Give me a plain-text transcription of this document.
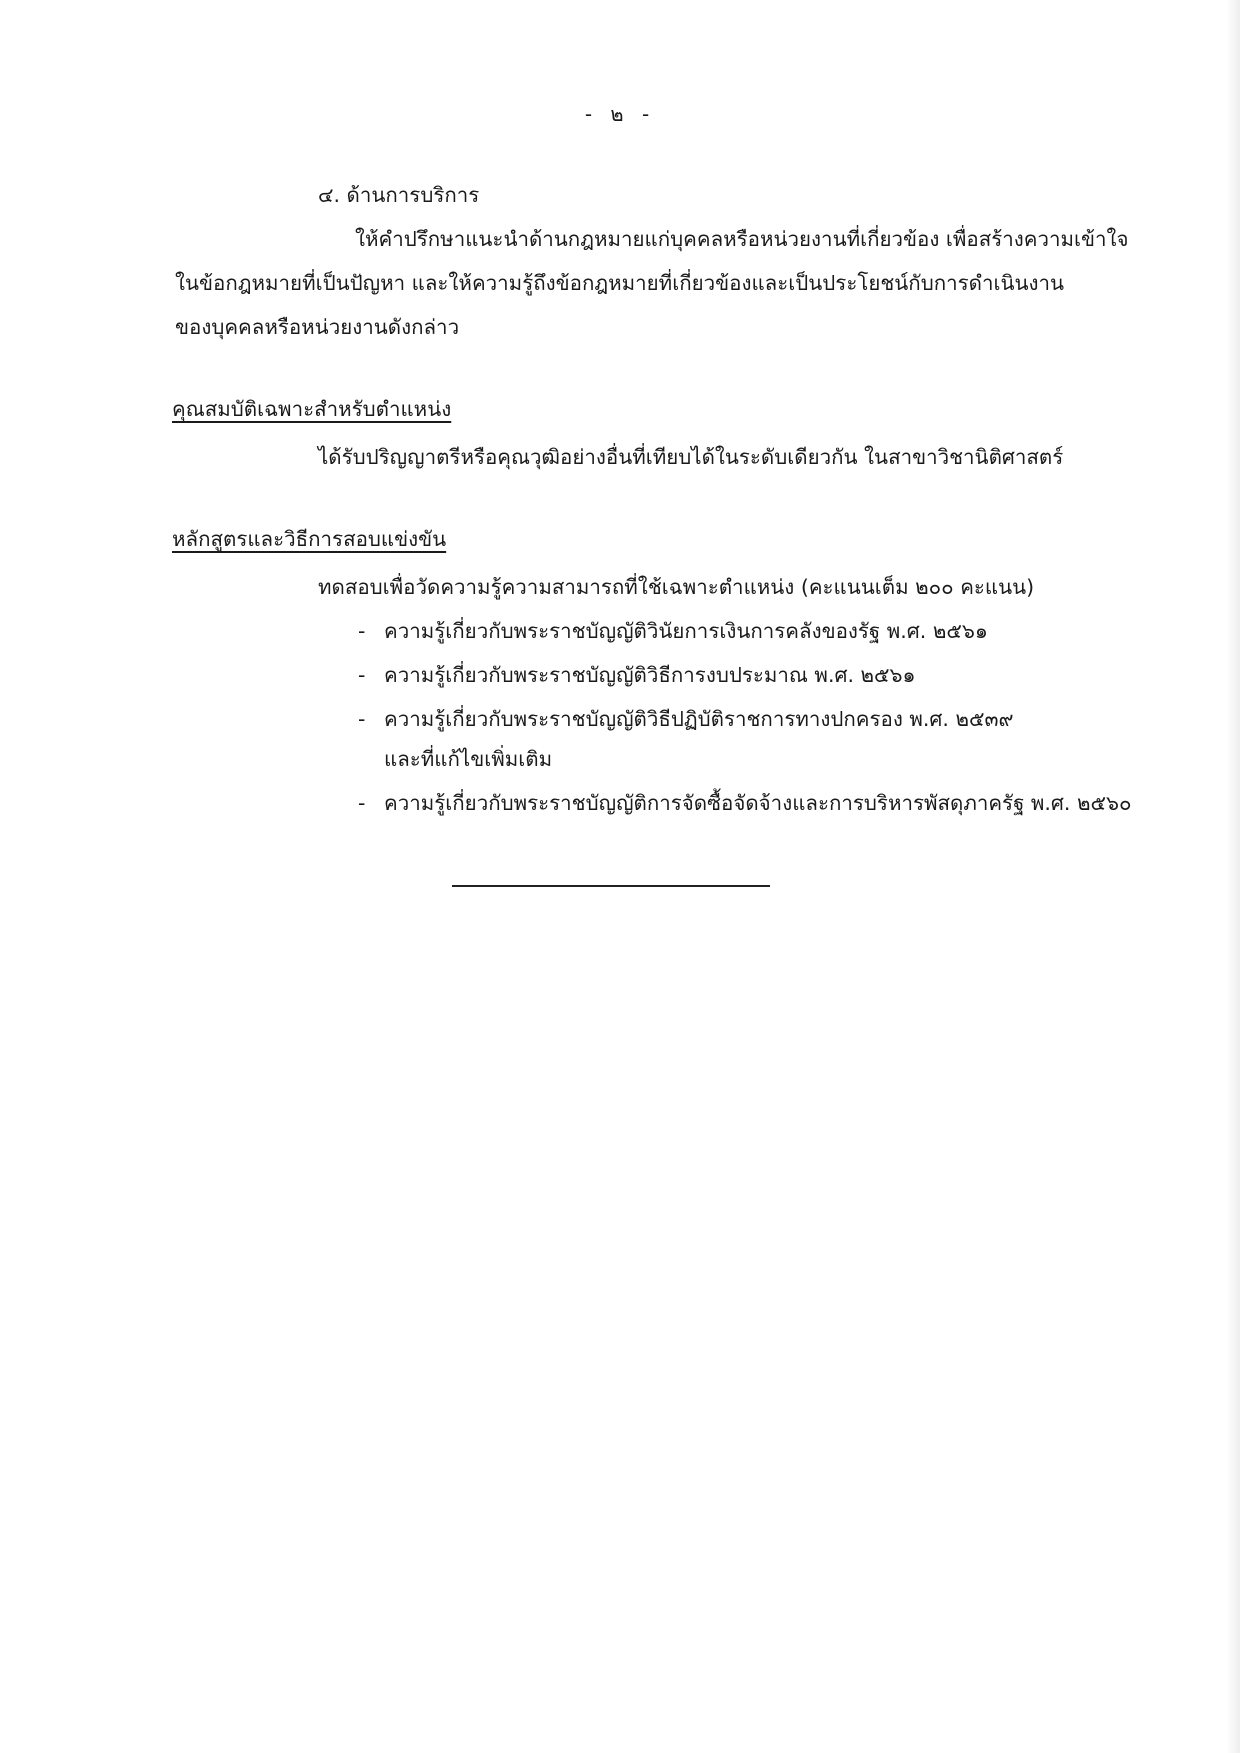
- ๒ -
๔. ด้านการบริการ
ให้คำปรึกษาแนะนำด้านกฎหมายแก่บุคคลหรือหน่วยงานที่เกี่ยวข้อง เพื่อสร้างความเข้าใจ
ในข้อกฎหมายที่เป็นปัญหา และให้ความรู้ถึงข้อกฎหมายที่เกี่ยวข้องและเป็นประโยชน์กับการดำเนินงาน
ของบุคคลหรือหน่วยงานดังกล่าว
คุณสมบัติเฉพาะสำหรับตำแหน่ง
ได้รับปริญญาตรีหรือคุณวุฒิอย่างอื่นที่เทียบได้ในระดับเดียวกัน ในสาขาวิชานิติศาสตร์
หลักสูตรและวิธีการสอบแข่งขัน
ทดสอบเพื่อวัดความรู้ความสามารถที่ใช้เฉพาะตำแหน่ง (คะแนนเต็ม ๒๐๐ คะแนน)
- ความรู้เกี่ยวกับพระราชบัญญัติวินัยการเงินการคลังของรัฐ พ.ศ. ๒๕๖๑
- ความรู้เกี่ยวกับพระราชบัญญัติวิธีการงบประมาณ พ.ศ. ๒๕๖๑
- ความรู้เกี่ยวกับพระราชบัญญัติวิธีปฏิบัติราชการทางปกครอง พ.ศ. ๒๕๓๙
และที่แก้ไขเพิ่มเติม
- ความรู้เกี่ยวกับพระราชบัญญัติการจัดซื้อจัดจ้างและการบริหารพัสดุภาครัฐ พ.ศ. ๒๕๖๐
